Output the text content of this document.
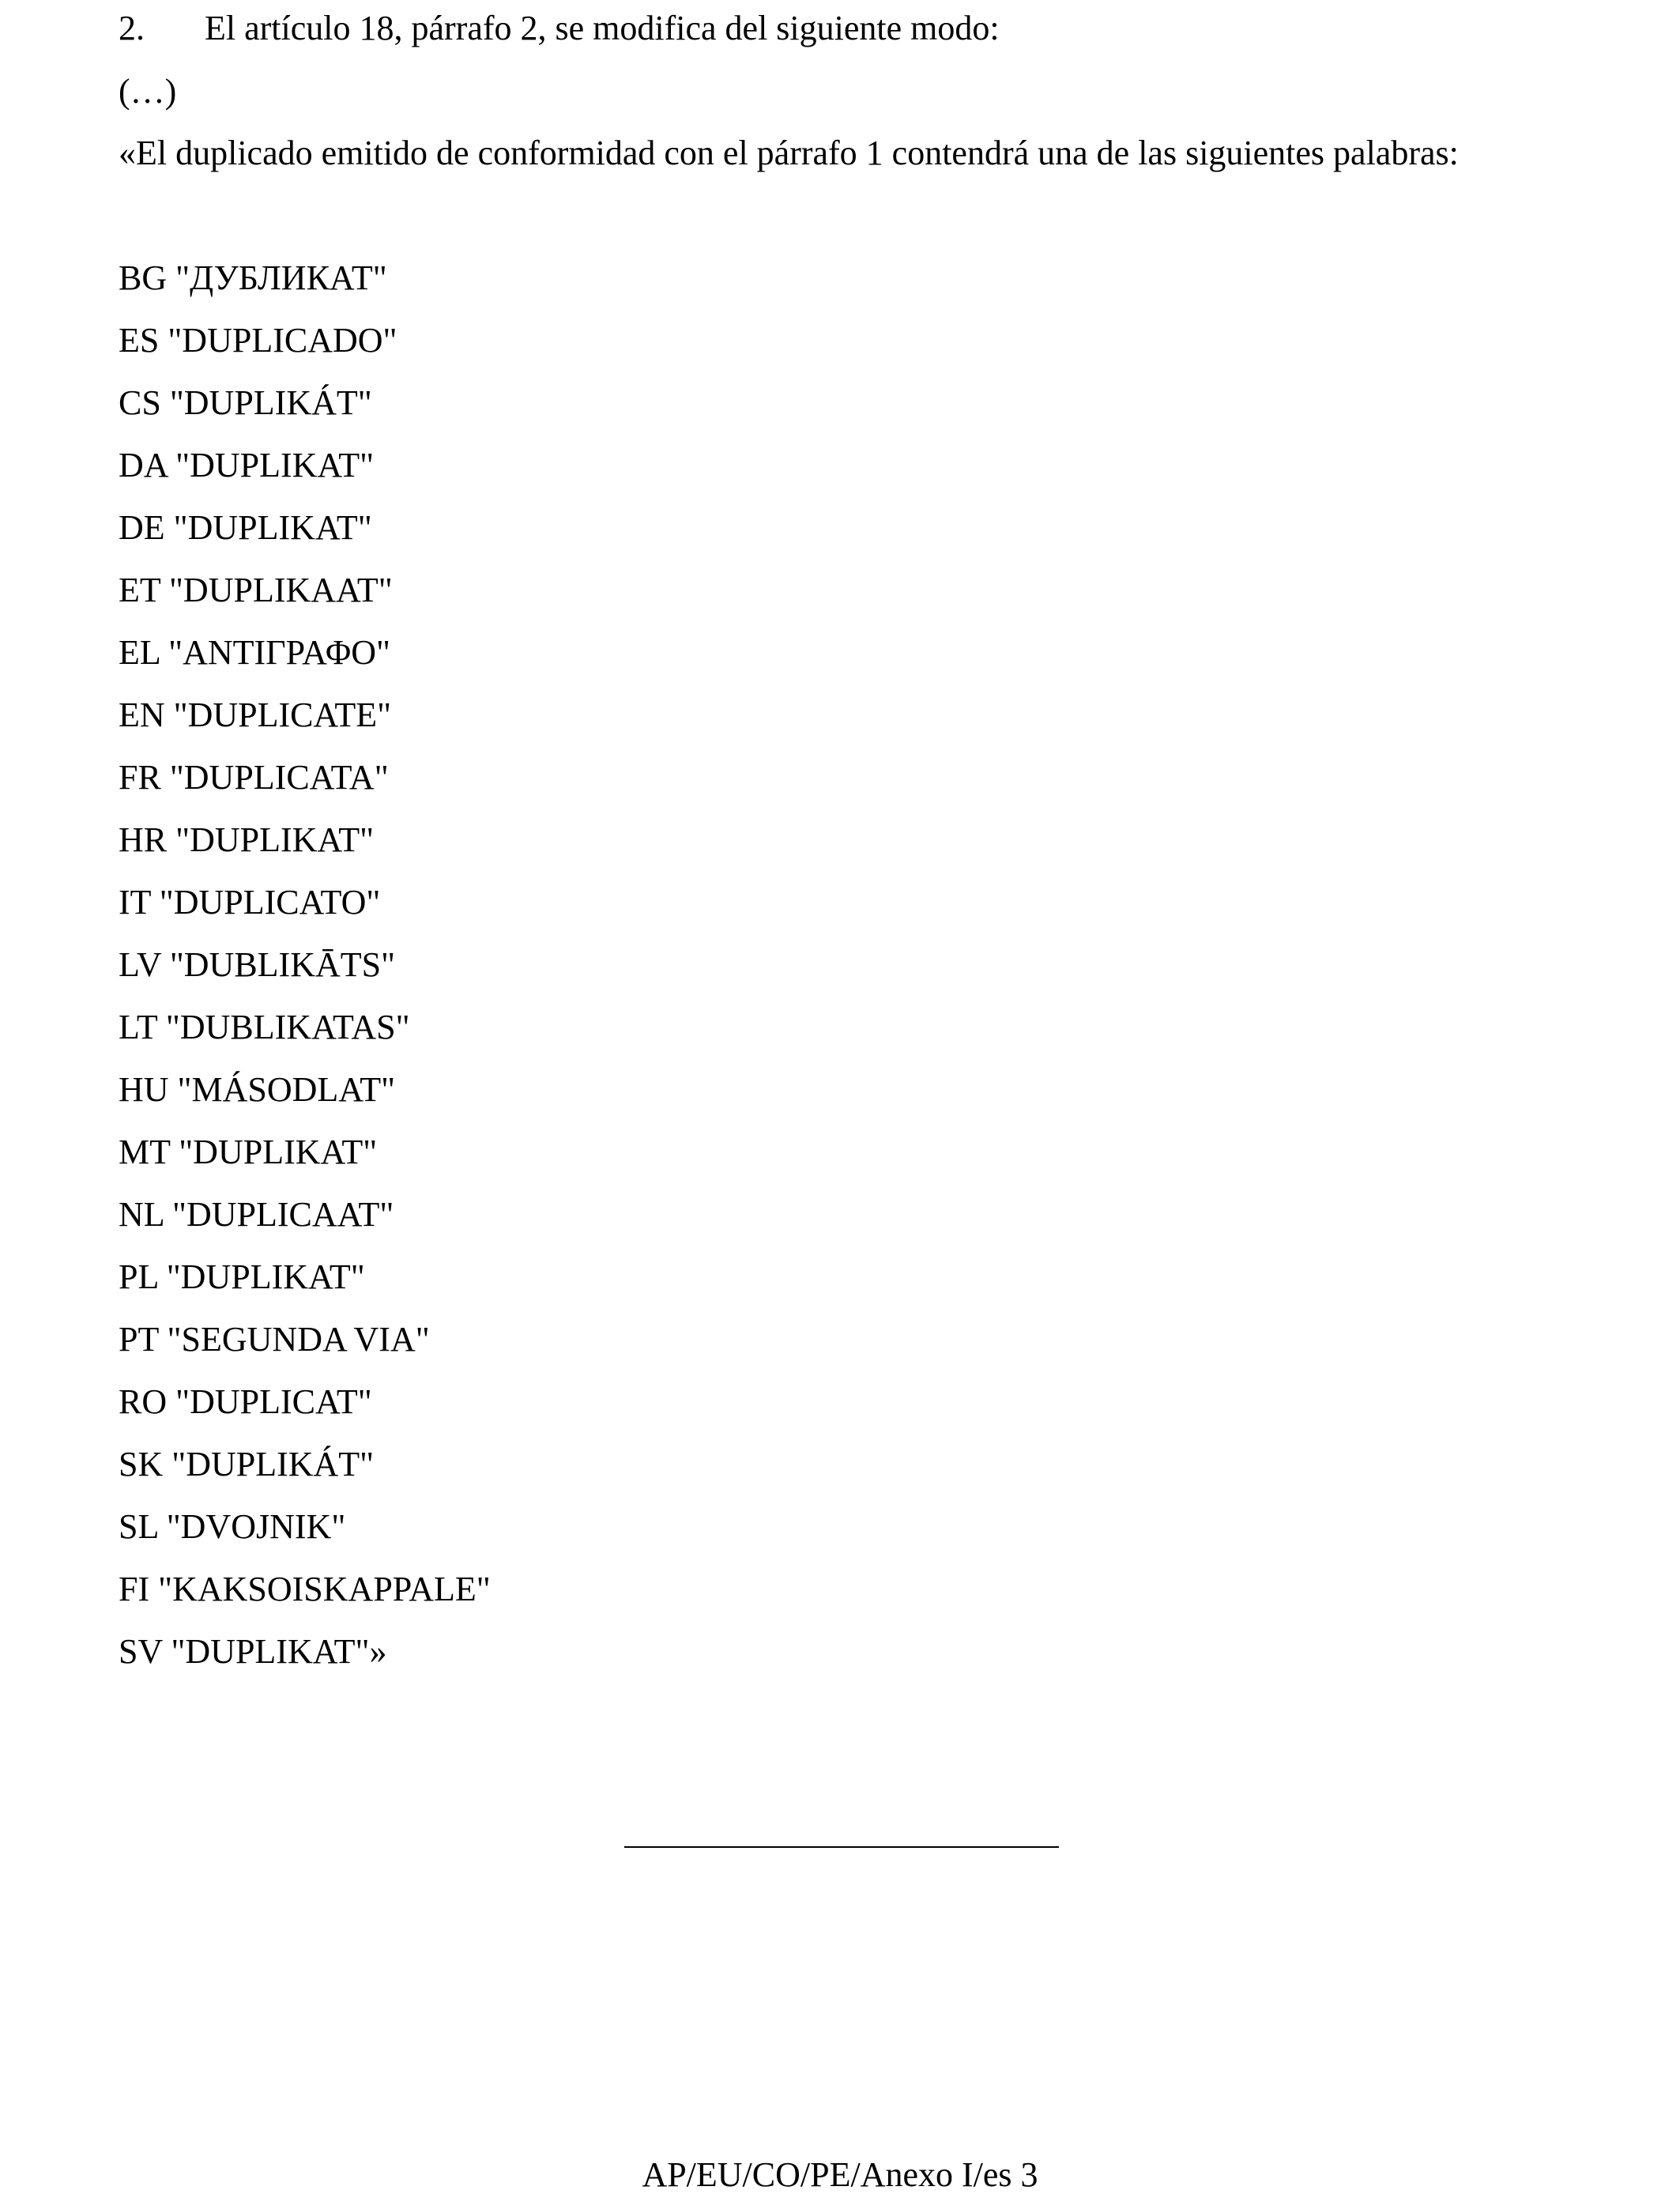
2. El artículo 18, párrafo 2, se modifica del siguiente modo:
(…)
«El duplicado emitido de conformidad con el párrafo 1 contendrá una de las siguientes palabras:
BG "ДУБЛИКАТ"
ES "DUPLICADO"
CS "DUPLIKÁT"
DA "DUPLIKAT"
DE "DUPLIKAT"
ET "DUPLIKAAT"
EL "ΑΝΤΙΓΡΑΦΟ"
EN "DUPLICATE"
FR "DUPLICATA"
HR "DUPLIKAT"
IT "DUPLICATO"
LV "DUBLIKĀTS"
LT "DUBLIKATAS"
HU "MÁSODLAT"
MT "DUPLIKAT"
NL "DUPLICAAT"
PL "DUPLIKAT"
PT "SEGUNDA VIA"
RO "DUPLICAT"
SK "DUPLIKÁT"
SL "DVOJNIK"
FI "KAKSOISKAPPALE"
SV "DUPLIKAT"»
AP/EU/CO/PE/Anexo I/es 3
